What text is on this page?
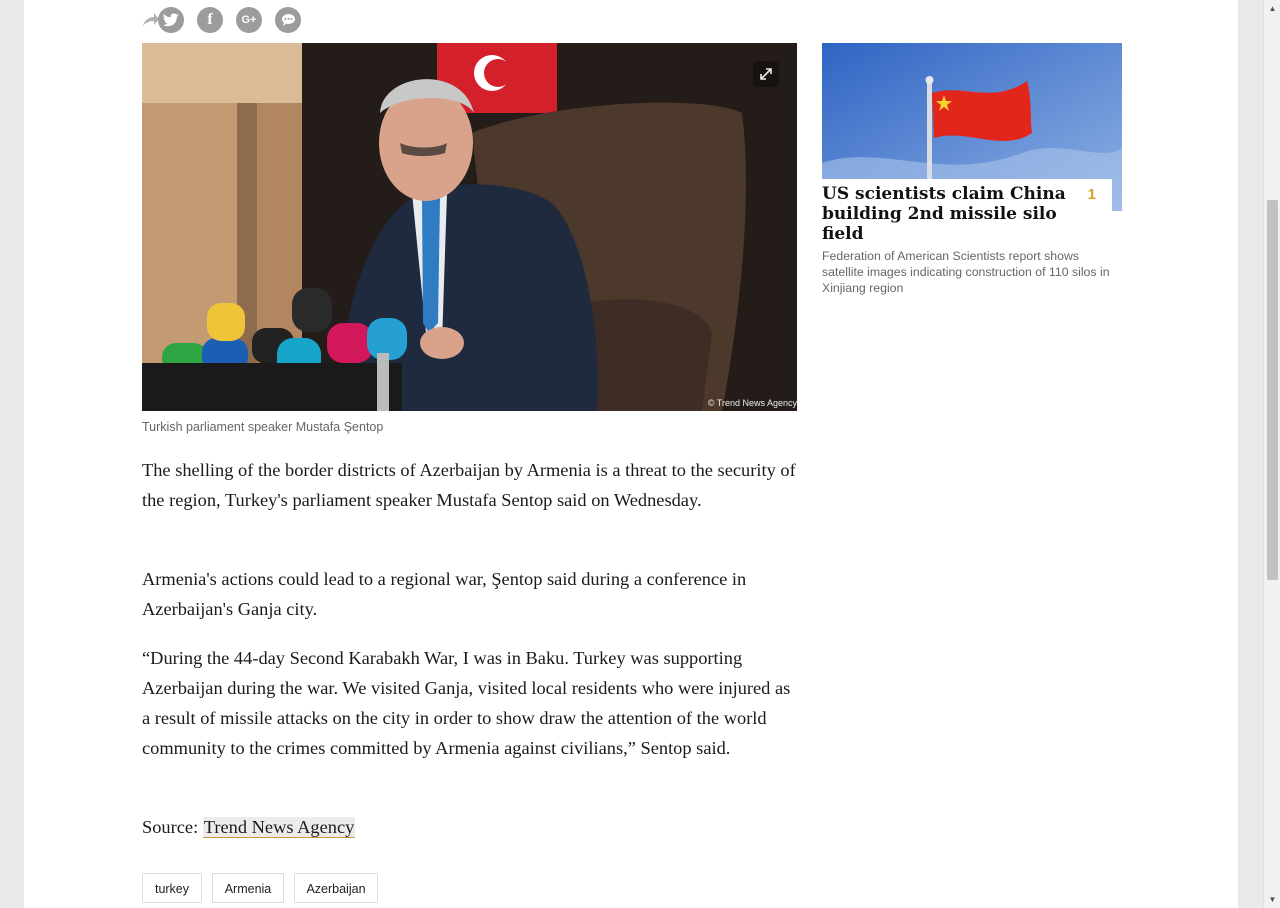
f	G+
© Trend News Agency
Turkish parliament speaker Mustafa Şentop

The shelling of the border districts of Azerbaijan by Armenia is a threat to the security of the region, Turkey's parliament speaker Mustafa Sentop said on Wednesday.

Armenia's actions could lead to a regional war, Şentop said during a conference in Azerbaijan's Ganja city.

“During the 44-day Second Karabakh War, I was in Baku. Turkey was supporting Azerbaijan during the war. We visited Ganja, visited local residents who were injured as a result of missile attacks on the city in order to show draw the attention of the world community to the crimes committed by Armenia against civilians,” Sentop said.

Source: Trend News Agency

turkey	Armenia	Azerbaijan
US scientists claim China building 2nd missile silo field
1
Federation of American Scientists report shows satellite images indicating construction of 110 silos in Xinjiang region
▲
▼
